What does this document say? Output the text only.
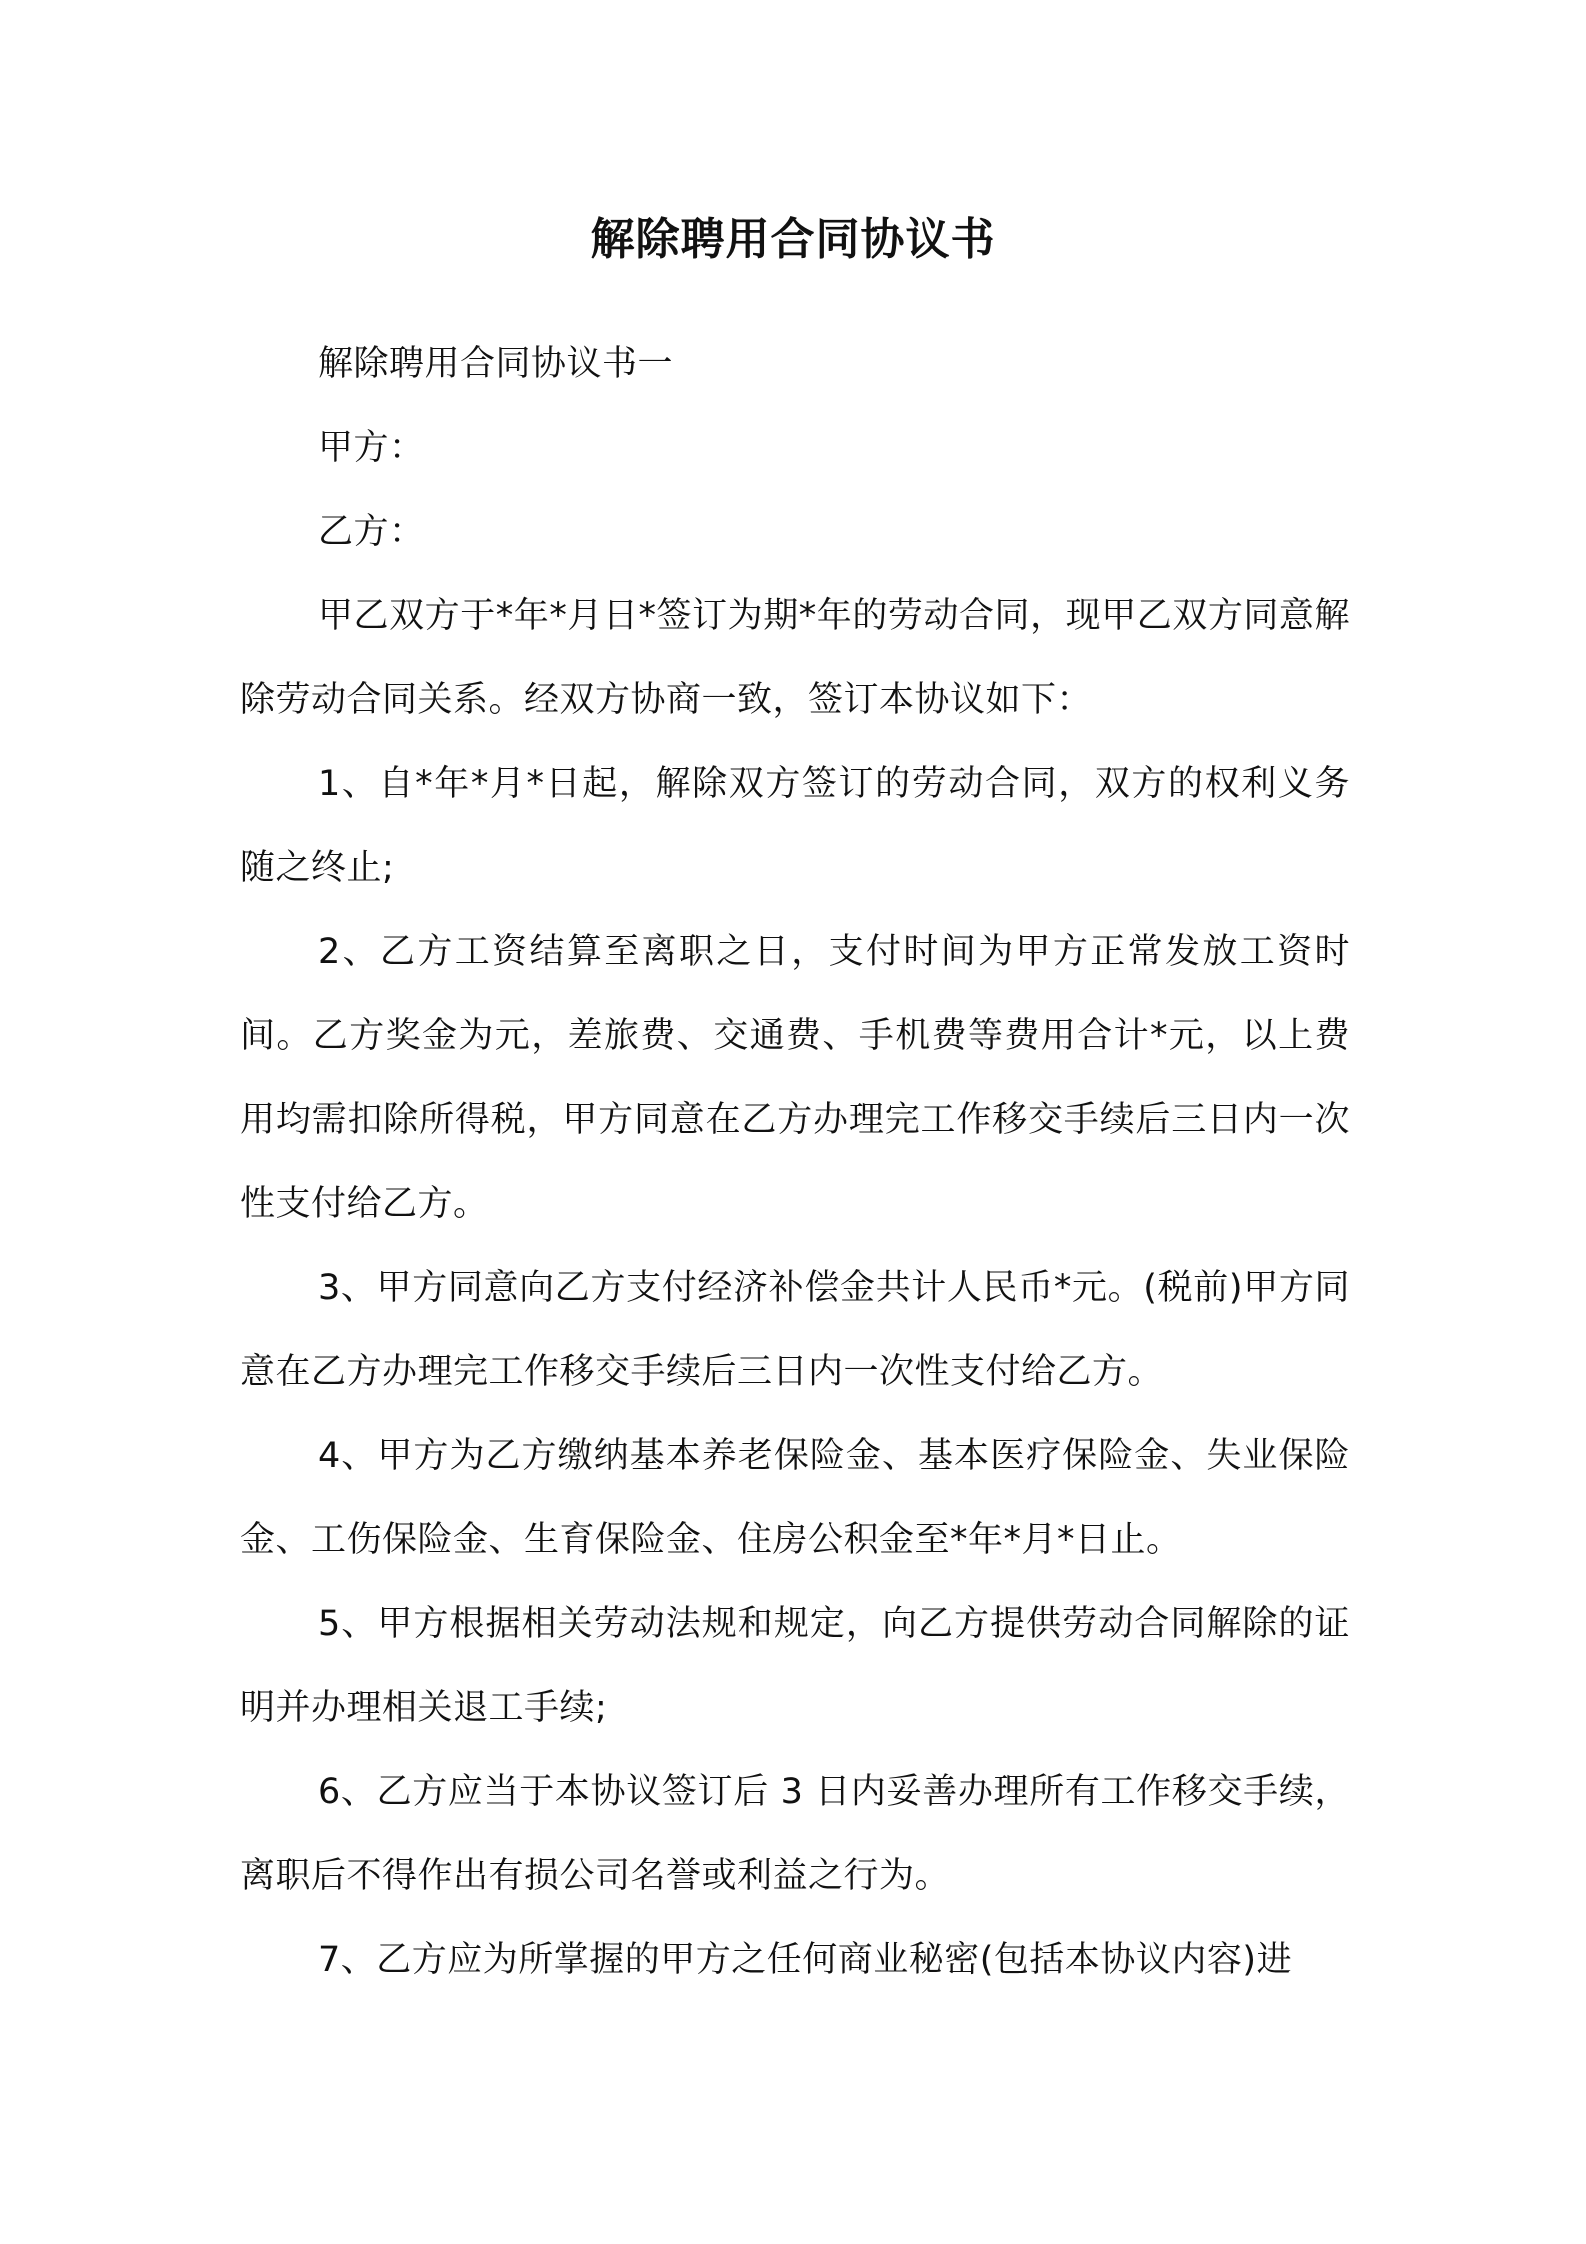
解除聘用合同协议书

解除聘用合同协议书一

甲方：

乙方：

甲乙双方于*年*月日*签订为期*年的劳动合同，现甲乙双方同意解除劳动合同关系。经双方协商一致，签订本协议如下：

1、自*年*月*日起，解除双方签订的劳动合同，双方的权利义务随之终止;

2、乙方工资结算至离职之日，支付时间为甲方正常发放工资时间。乙方奖金为元，差旅费、交通费、手机费等费用合计*元，以上费用均需扣除所得税，甲方同意在乙方办理完工作移交手续后三日内一次性支付给乙方。

3、甲方同意向乙方支付经济补偿金共计人民币*元。(税前)甲方同意在乙方办理完工作移交手续后三日内一次性支付给乙方。

4、甲方为乙方缴纳基本养老保险金、基本医疗保险金、失业保险金、工伤保险金、生育保险金、住房公积金至*年*月*日止。

5、甲方根据相关劳动法规和规定，向乙方提供劳动合同解除的证明并办理相关退工手续;

6、乙方应当于本协议签订后 3 日内妥善办理所有工作移交手续，离职后不得作出有损公司名誉或利益之行为。

7、乙方应为所掌握的甲方之任何商业秘密(包括本协议内容)进
